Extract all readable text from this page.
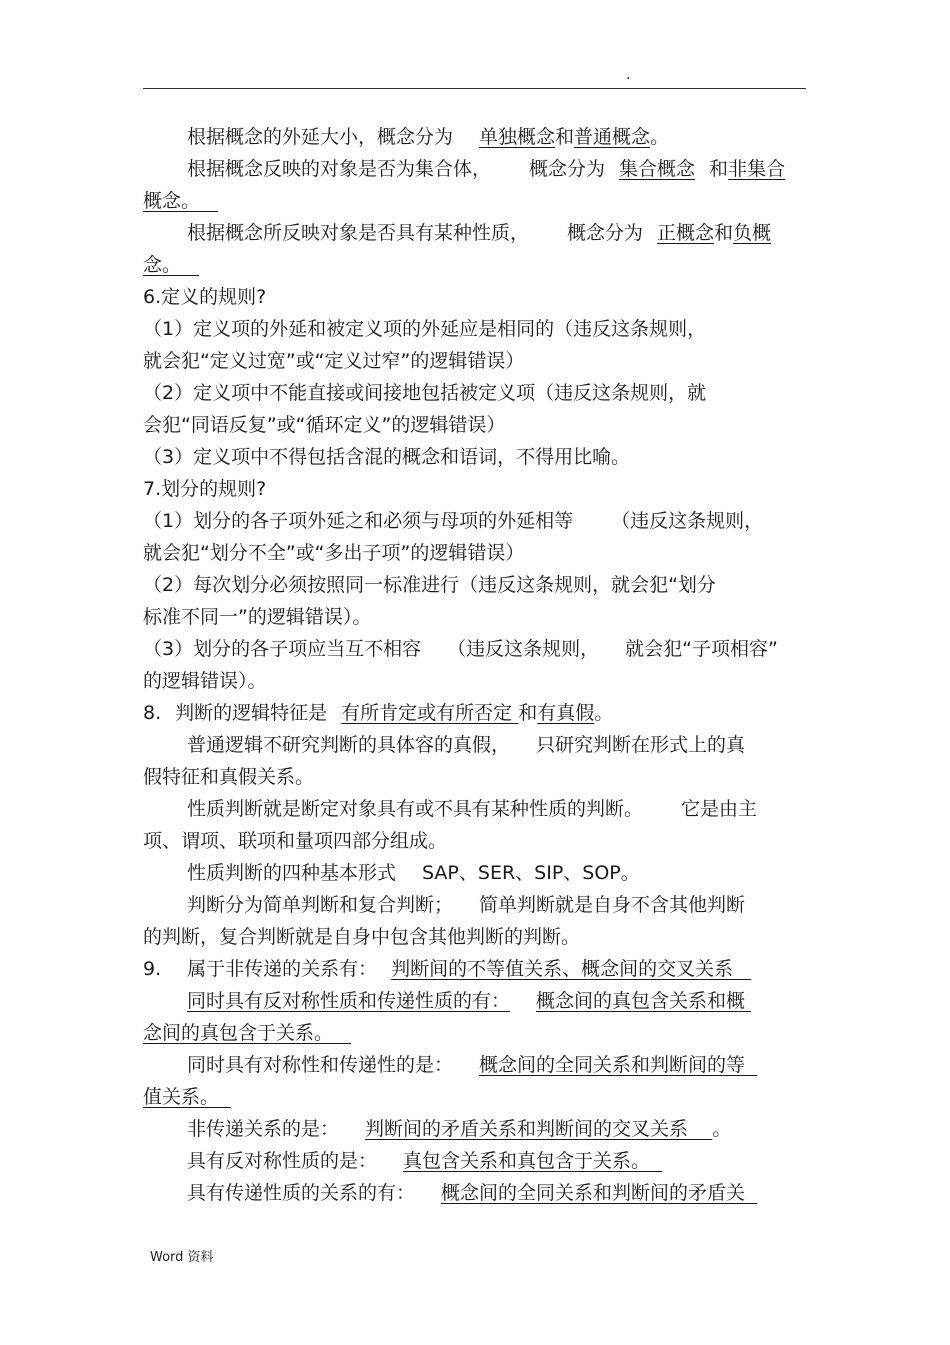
.
根据概念的外延大小，概念分为 单独概念和普通概念。
根据概念反映的对象是否为集合体， 概念分为 集合概念 和非集合
概念。
根据概念所反映对象是否具有某种性质， 概念分为 正概念和负概
念。
6.定义的规则?
（1）定义项的外延和被定义项的外延应是相同的（违反这条规则，
就会犯“定义过宽”或“定义过窄”的逻辑错误）
（2）定义项中不能直接或间接地包括被定义项（违反这条规则，就
会犯“同语反复”或“循环定义”的逻辑错误）
（3）定义项中不得包括含混的概念和语词，不得用比喻。
7.划分的规则?
（1）划分的各子项外延之和必须与母项的外延相等 （违反这条规则，
就会犯“划分不全”或“多出子项”的逻辑错误）
（2）每次划分必须按照同一标准进行（违反这条规则，就会犯“划分
标准不同一”的逻辑错误）。
（3）划分的各子项应当互不相容 （违反这条规则， 就会犯“子项相容”
的逻辑错误）。
8. 判断的逻辑特征是 有所肯定或有所否定 和有真假。
普通逻辑不研究判断的具体容的真假， 只研究判断在形式上的真
假特征和真假关系。
性质判断就是断定对象具有或不具有某种性质的判断。 它是由主
项、谓项、联项和量项四部分组成。
性质判断的四种基本形式 SAP、SER、SIP、SOP。
判断分为简单判断和复合判断； 简单判断就是自身不含其他判断
的判断，复合判断就是自身中包含其他判断的判断。
9. 属于非传递的关系有： 判断间的不等值关系、概念间的交叉关系
同时具有反对称性质和传递性质的有： 概念间的真包含关系和概
念间的真包含于关系。
同时具有对称性和传递性的是： 概念间的全同关系和判断间的等
值关系。
非传递关系的是： 判断间的矛盾关系和判断间的交叉关系 。
具有反对称性质的是： 真包含关系和真包含于关系。
具有传递性质的关系的有： 概念间的全同关系和判断间的矛盾关
Word 资料
